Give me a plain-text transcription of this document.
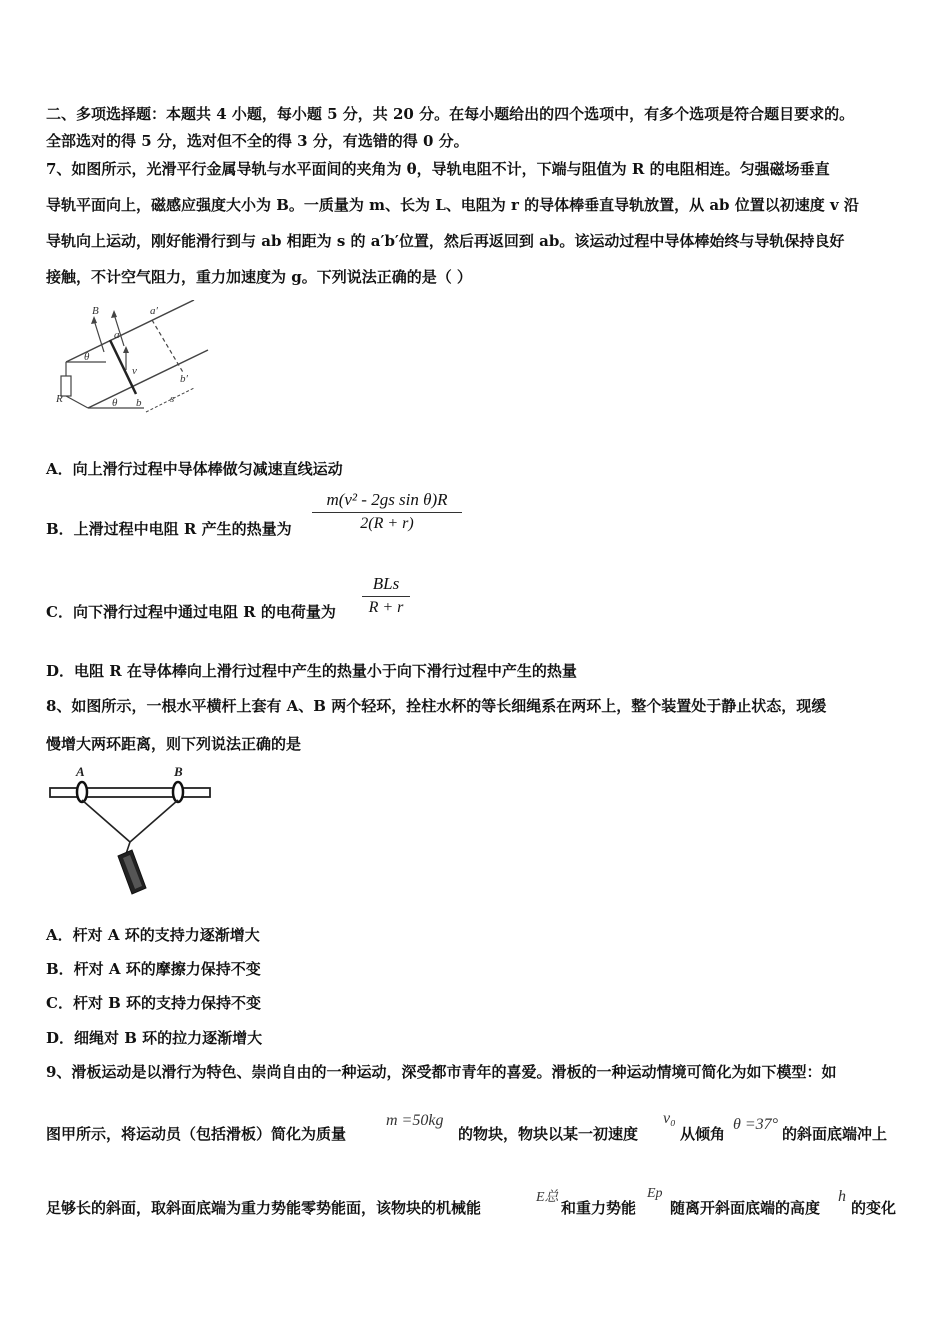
二、多项选择题：本题共 4 小题，每小题 5 分，共 20 分。在每小题给出的四个选项中，有多个选项是符合题目要求的。
全部选对的得 5 分，选对但不全的得 3 分，有选错的得 0 分。
7、如图所示，光滑平行金属导轨与水平面间的夹角为 θ，导轨电阻不计，下端与阻值为 R 的电阻相连。匀强磁场垂直
导轨平面向上，磁感应强度大小为 B。一质量为 m、长为 L、电阻为 r 的导体棒垂直导轨放置，从 ab 位置以初速度 v 沿
导轨向上运动，刚好能滑行到与 ab 相距为 s 的 a′b′位置，然后再返回到 ab。该运动过程中导体棒始终与导轨保持良好
接触，不计空气阻力，重力加速度为 g。下列说法正确的是（ ）
B
a
a′
θ
v
R	θ b	s
b′
A．向上滑行过程中导体棒做匀减速直线运动
B．上滑过程中电阻 R 产生的热量为
m(v² - 2gs sin θ)R
2(R + r)
C．向下滑行过程中通过电阻 R 的电荷量为
BLs
R + r
D．电阻 R 在导体棒向上滑行过程中产生的热量小于向下滑行过程中产生的热量
8、如图所示，一根水平横杆上套有 A、B 两个轻环，拴柱水杯的等长细绳系在两环上，整个装置处于静止状态，现缓
慢增大两环距离，则下列说法正确的是
A	B
A．杆对 A 环的支持力逐渐增大
B．杆对 A 环的摩擦力保持不变
C．杆对 B 环的支持力保持不变
D．细绳对 B 环的拉力逐渐增大
9、滑板运动是以滑行为特色、崇尚自由的一种运动，深受都市青年的喜爱。滑板的一种运动情境可简化为如下模型：如
图甲所示，将运动员（包括滑板）简化为质量
m =50kg
的物块，物块以某一初速度
v₀
从倾角
θ =37°
的斜面底端冲上
足够长的斜面，取斜面底端为重力势能零势能面，该物块的机械能
E总
和重力势能
Ep
随离开斜面底端的高度
h
的变化
